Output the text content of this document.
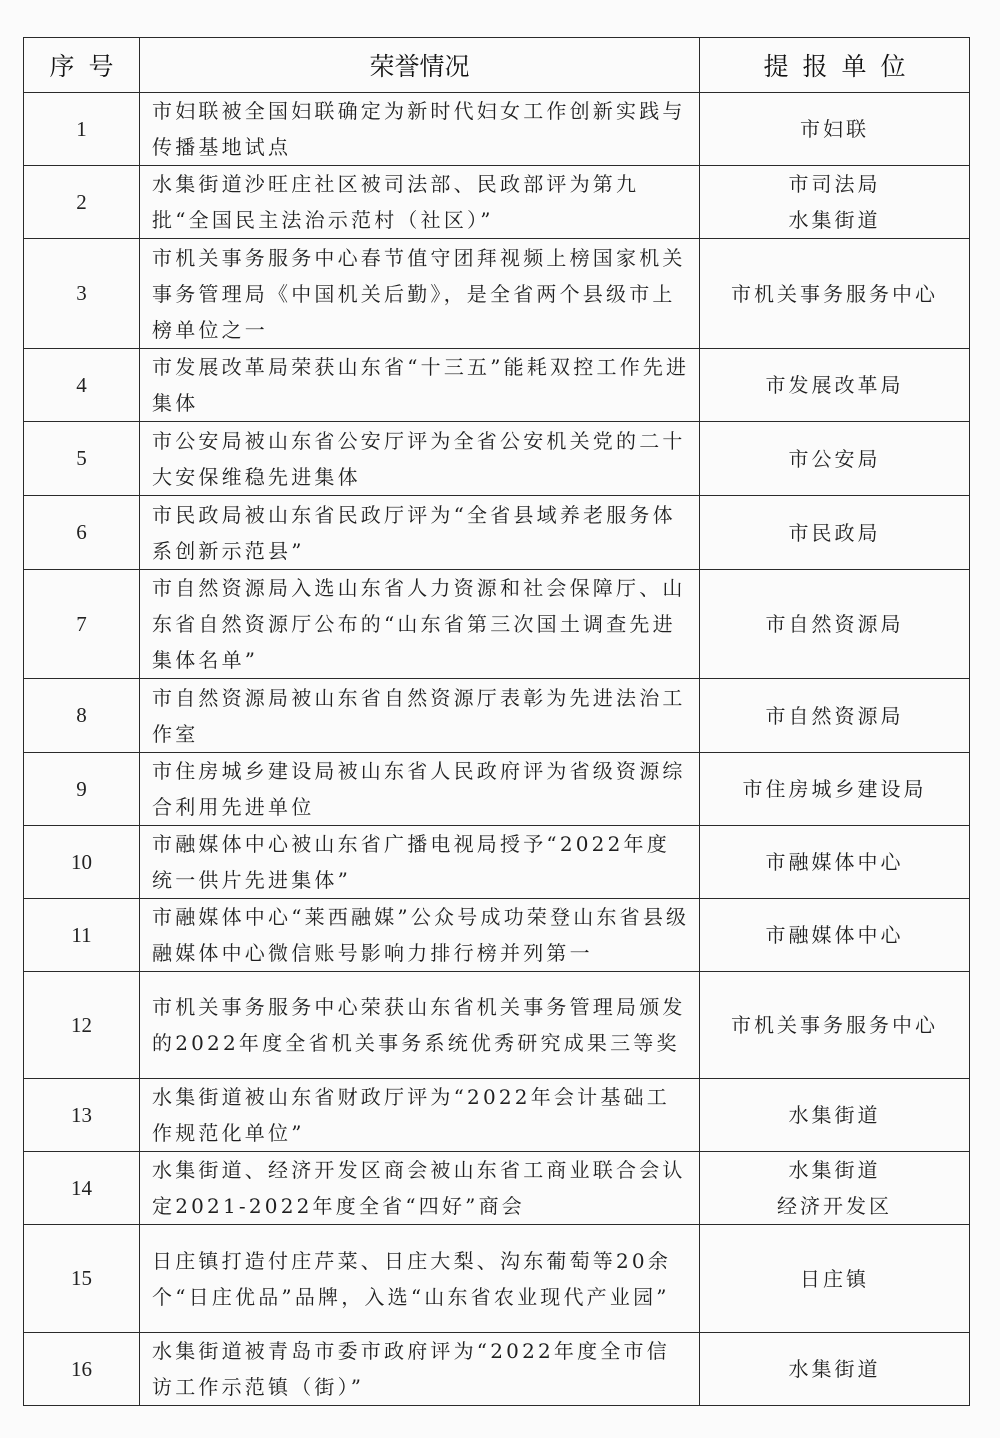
序号	荣誉情况	提报单位
1	市妇联被全国妇联确定为新时代妇女工作创新实践与传播基地试点	市妇联

2	水集街道沙旺庄社区被司法部、民政部评为第九批“全国民主法治示范村（社区）”	市司法局
水集街道

3	市机关事务服务中心春节值守团拜视频上榜国家机关事务管理局《中国机关后勤》，是全省两个县级市上榜单位之一	市机关事务服务中心

4	市发展改革局荣获山东省“十三五”能耗双控工作先进集体	市发展改革局

5	市公安局被山东省公安厅评为全省公安机关党的二十大安保维稳先进集体	市公安局

6	市民政局被山东省民政厅评为“全省县域养老服务体系创新示范县”	市民政局

7	市自然资源局入选山东省人力资源和社会保障厅、山东省自然资源厅公布的“山东省第三次国土调查先进集体名单”	市自然资源局

8	市自然资源局被山东省自然资源厅表彰为先进法治工作室	市自然资源局

9	市住房城乡建设局被山东省人民政府评为省级资源综合利用先进单位	市住房城乡建设局

10	市融媒体中心被山东省广播电视局授予“2022年度统一供片先进集体”	市融媒体中心

11	市融媒体中心“莱西融媒”公众号成功荣登山东省县级融媒体中心微信账号影响力排行榜并列第一	市融媒体中心

12	市机关事务服务中心荣获山东省机关事务管理局颁发的2022年度全省机关事务系统优秀研究成果三等奖	市机关事务服务中心

13	水集街道被山东省财政厅评为“2022年会计基础工作规范化单位”	水集街道

14	水集街道、经济开发区商会被山东省工商业联合会认定2021-2022年度全省“四好”商会	水集街道
经济开发区

15	日庄镇打造付庄芹菜、日庄大梨、沟东葡萄等20余个“日庄优品”品牌，入选“山东省农业现代产业园”	日庄镇

16	水集街道被青岛市委市政府评为“2022年度全市信访工作示范镇（街）”	水集街道
